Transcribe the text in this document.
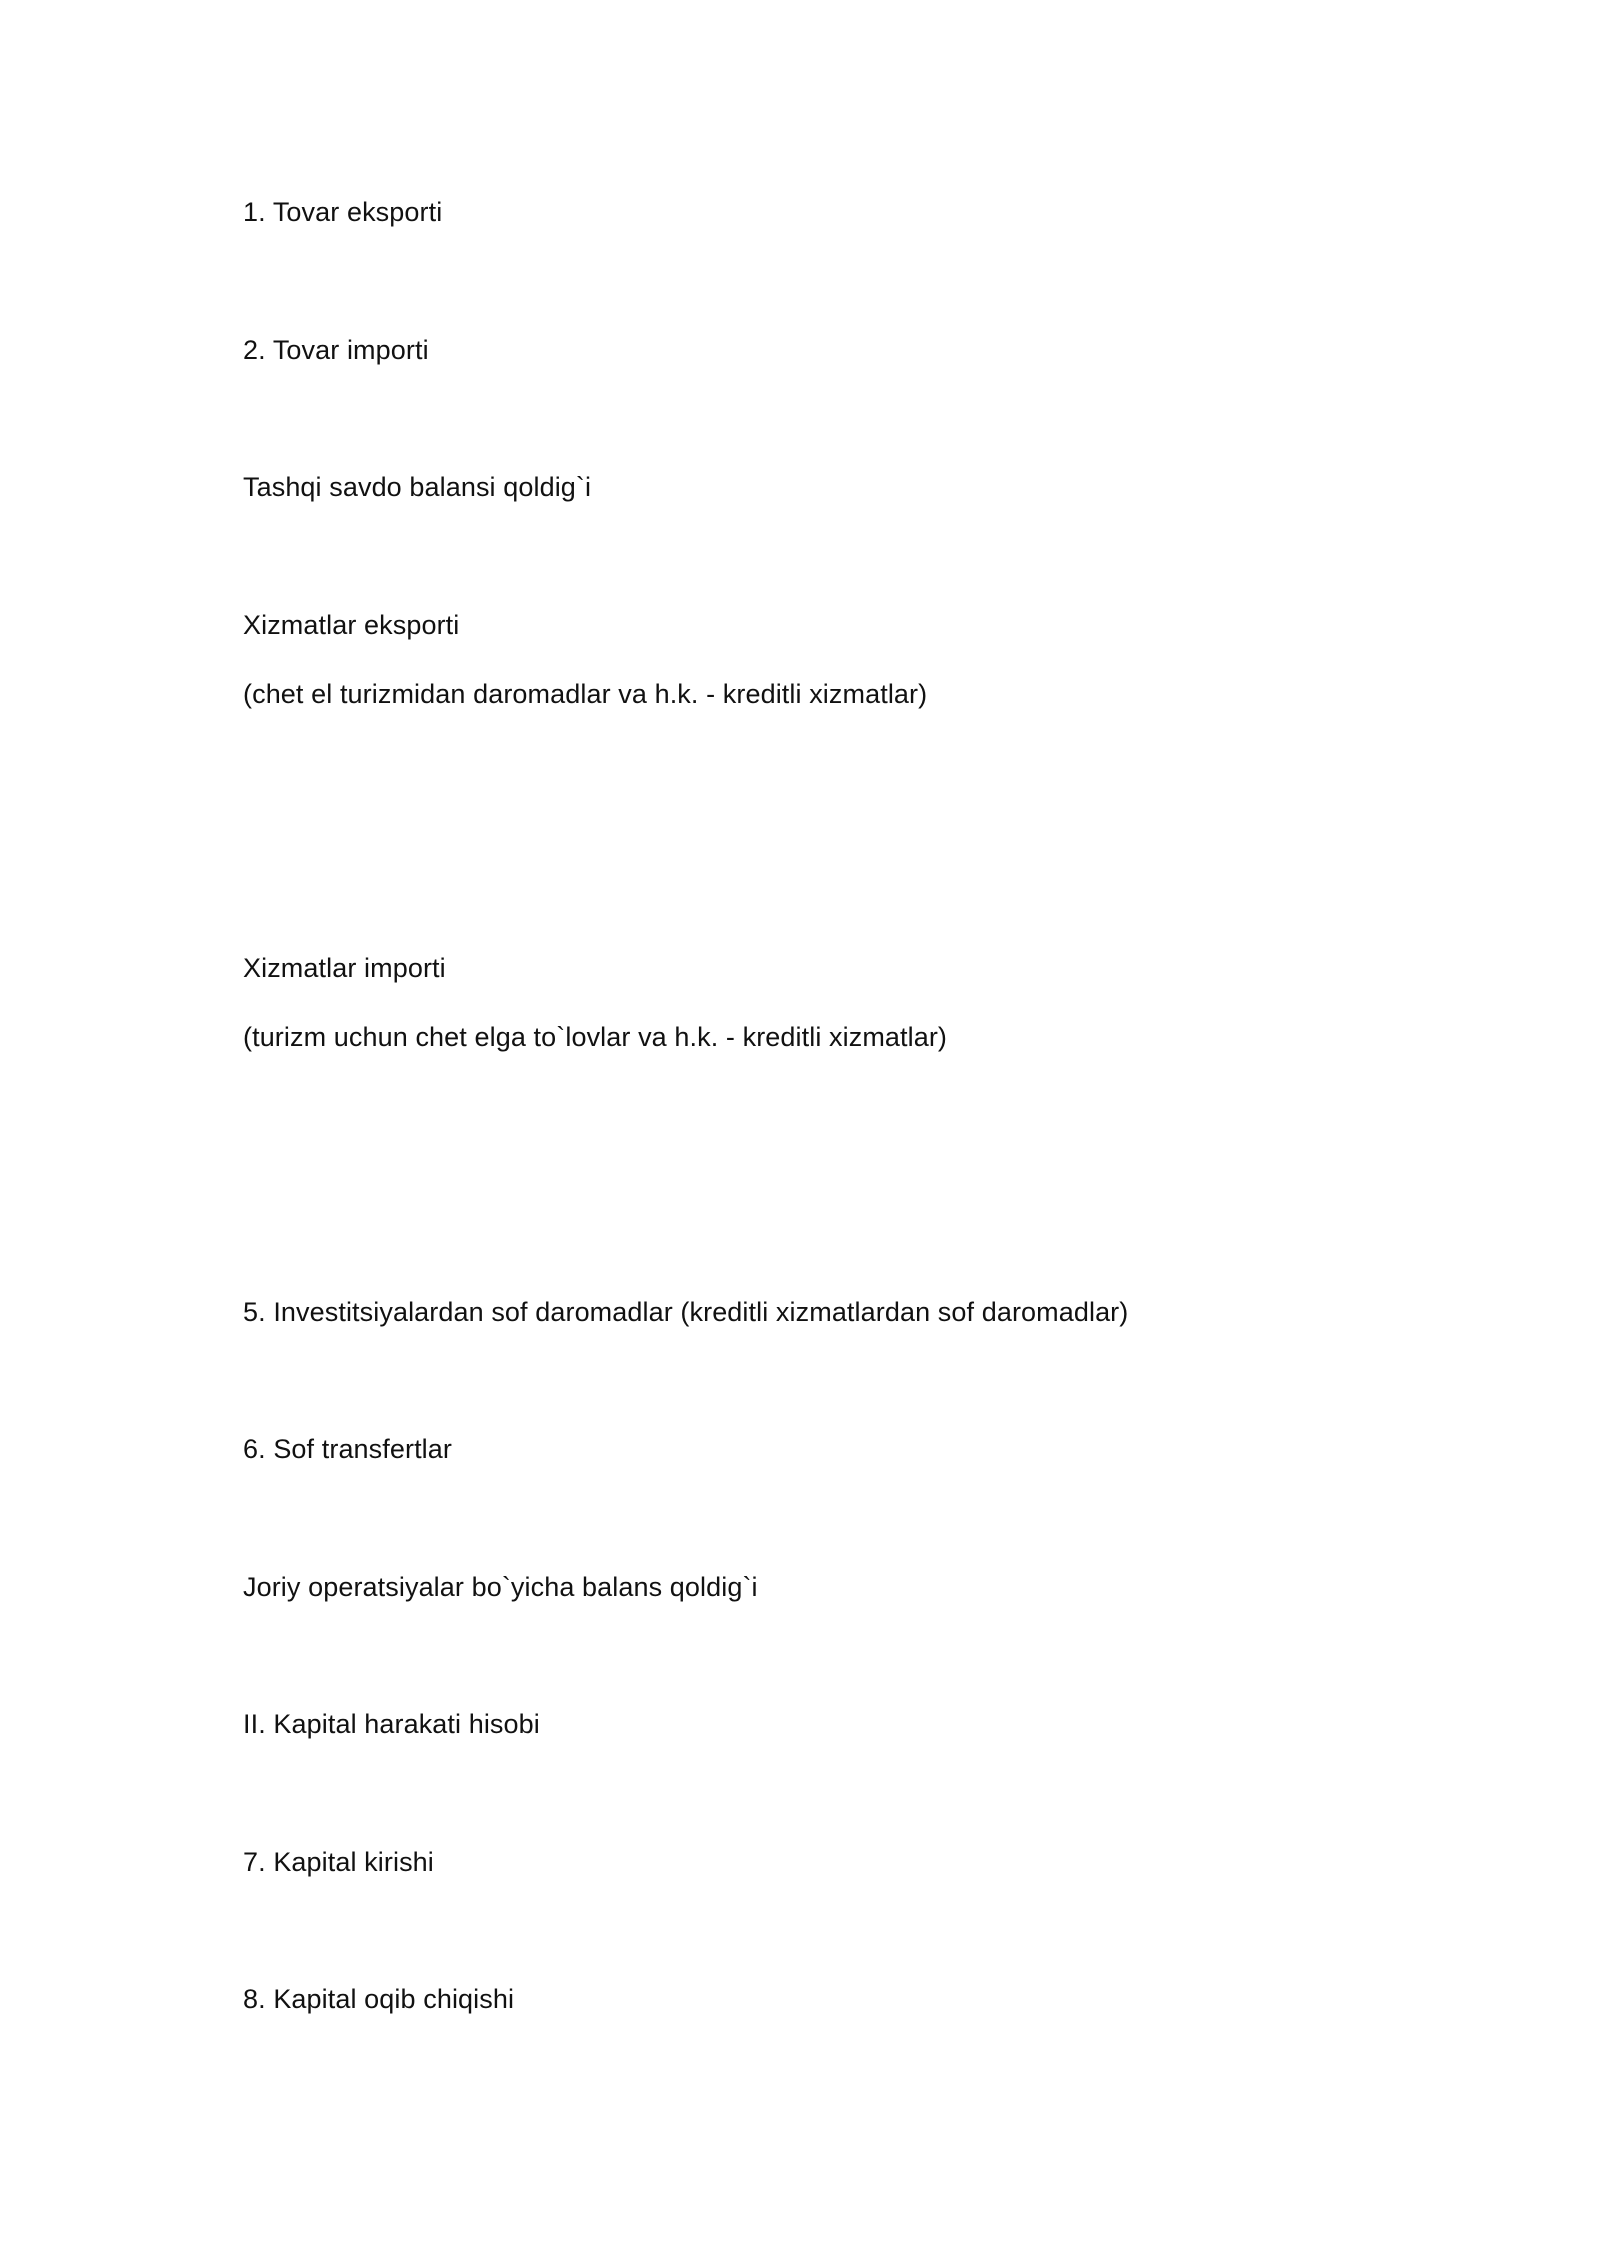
1. Tovar eksporti
2. Tovar importi
Tashqi savdo balansi qoldig`i
Xizmatlar eksporti
(chet el turizmidan daromadlar va h.k. - kreditli xizmatlar)
Xizmatlar importi
(turizm uchun chet elga to`lovlar va h.k. - kreditli xizmatlar)
5. Investitsiyalardan sof daromadlar (kreditli xizmatlardan sof daromadlar)
6. Sof transfertlar
Joriy operatsiyalar bo`yicha balans qoldig`i
II. Kapital harakati hisobi
7. Kapital kirishi
8. Kapital oqib chiqishi
